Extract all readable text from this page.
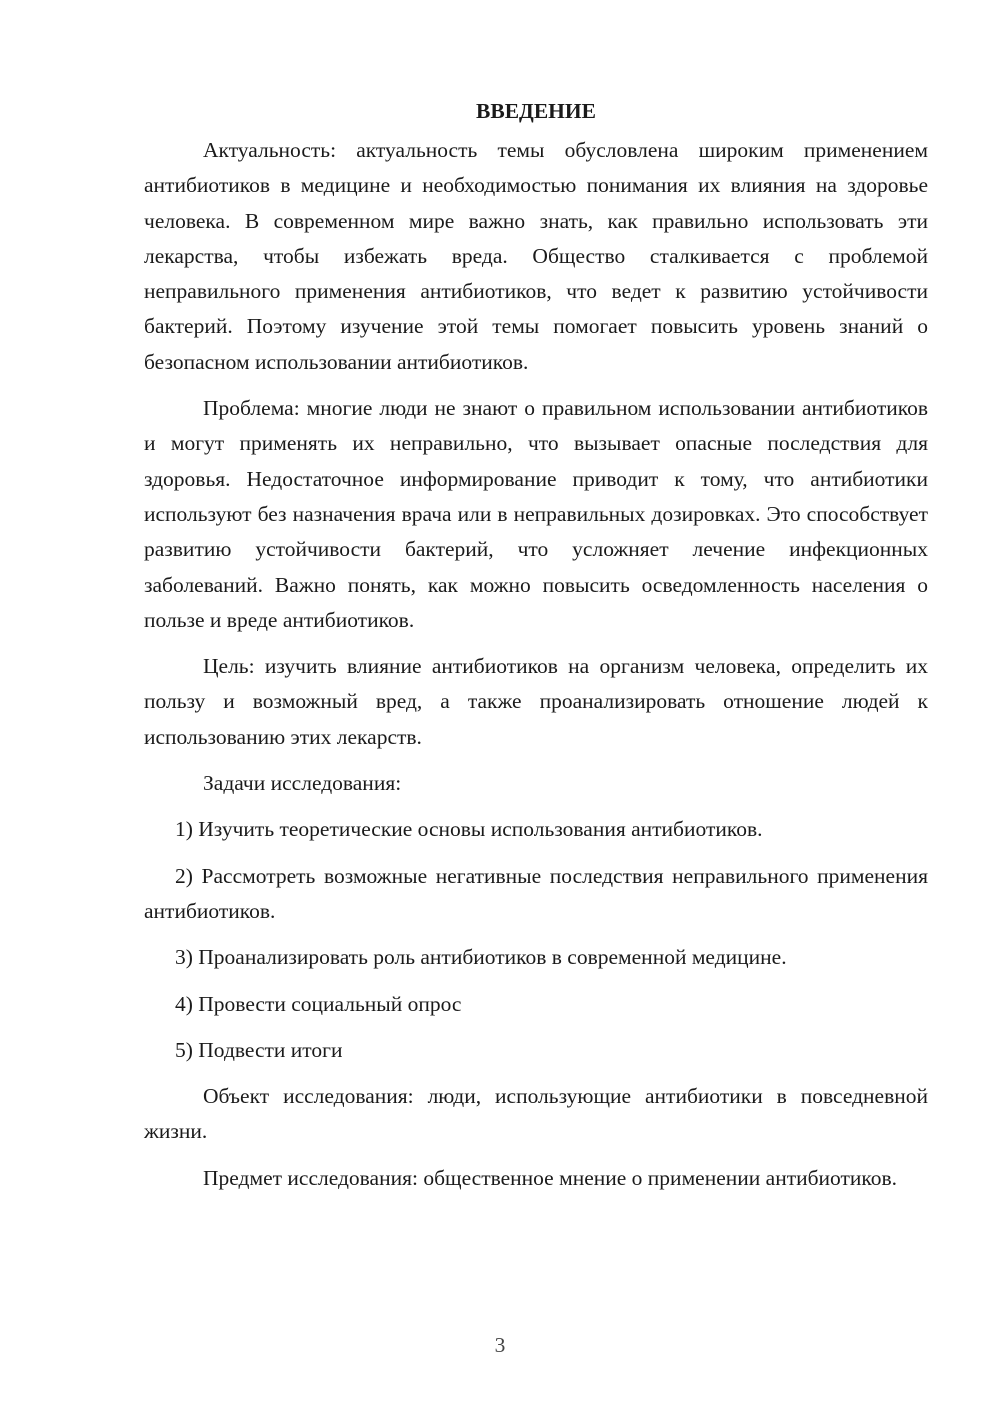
ВВЕДЕНИЕ

Актуальность: актуальность темы обусловлена широким применением антибиотиков в медицине и необходимостью понимания их влияния на здоровье человека. В современном мире важно знать, как правильно использовать эти лекарства, чтобы избежать вреда. Общество сталкивается с проблемой неправильного применения антибиотиков, что ведет к развитию устойчивости бактерий. Поэтому изучение этой темы помогает повысить уровень знаний о безопасном использовании антибиотиков.

Проблема: многие люди не знают о правильном использовании антибиотиков и могут применять их неправильно, что вызывает опасные последствия для здоровья. Недостаточное информирование приводит к тому, что антибиотики используют без назначения врача или в неправильных дозировках. Это способствует развитию устойчивости бактерий, что усложняет лечение инфекционных заболеваний. Важно понять, как можно повысить осведомленность населения о пользе и вреде антибиотиков.

Цель: изучить влияние антибиотиков на организм человека, определить их пользу и возможный вред, а также проанализировать отношение людей к использованию этих лекарств.

Задачи исследования:

1) Изучить теоретические основы использования антибиотиков.

2) Рассмотреть возможные негативные последствия неправильного применения антибиотиков.

3) Проанализировать роль антибиотиков в современной медицине.

4) Провести социальный опрос

5) Подвести итоги

Объект исследования: люди, использующие антибиотики в повседневной жизни.

Предмет исследования: общественное мнение о применении антибиотиков.

3
